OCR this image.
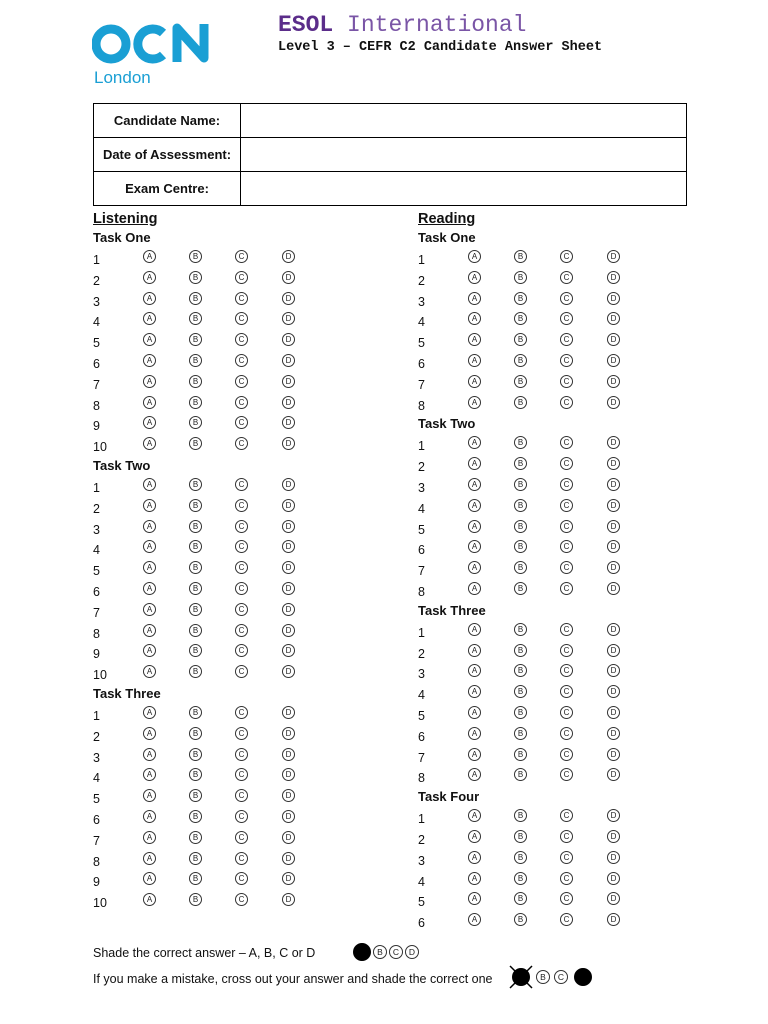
London
ESOL International
Level 3 – CEFR C2 Candidate Answer Sheet
Candidate Name:	
Date of Assessment:	
Exam Centre:	
Listening	Reading
Task One
1	A	B	C	D
2	A	B	C	D
3	A	B	C	D
4	A	B	C	D
5	A	B	C	D
6	A	B	C	D
7	A	B	C	D
8	A	B	C	D
9	A	B	C	D
10	A	B	C	D
Task Two
1	A	B	C	D
2	A	B	C	D
3	A	B	C	D
4	A	B	C	D
5	A	B	C	D
6	A	B	C	D
7	A	B	C	D
8	A	B	C	D
9	A	B	C	D
10	A	B	C	D
Task Three
1	A	B	C	D
2	A	B	C	D
3	A	B	C	D
4	A	B	C	D
5	A	B	C	D
6	A	B	C	D
7	A	B	C	D
8	A	B	C	D
9	A	B	C	D
10	A	B	C	D
Task One
1	A	B	C	D
2	A	B	C	D
3	A	B	C	D
4	A	B	C	D
5	A	B	C	D
6	A	B	C	D
7	A	B	C	D
8	A	B	C	D
Task Two
1	A	B	C	D
2	A	B	C	D
3	A	B	C	D
4	A	B	C	D
5	A	B	C	D
6	A	B	C	D
7	A	B	C	D
8	A	B	C	D
Task Three
1	A	B	C	D
2	A	B	C	D
3	A	B	C	D
4	A	B	C	D
5	A	B	C	D
6	A	B	C	D
7	A	B	C	D
8	A	B	C	D
Task Four
1	A	B	C	D
2	A	B	C	D
3	A	B	C	D
4	A	B	C	D
5	A	B	C	D
6	A	B	C	D
Shade the correct answer – A, B, C or D	B	C	D
If you make a mistake, cross out your answer and shade the correct one	B	C
